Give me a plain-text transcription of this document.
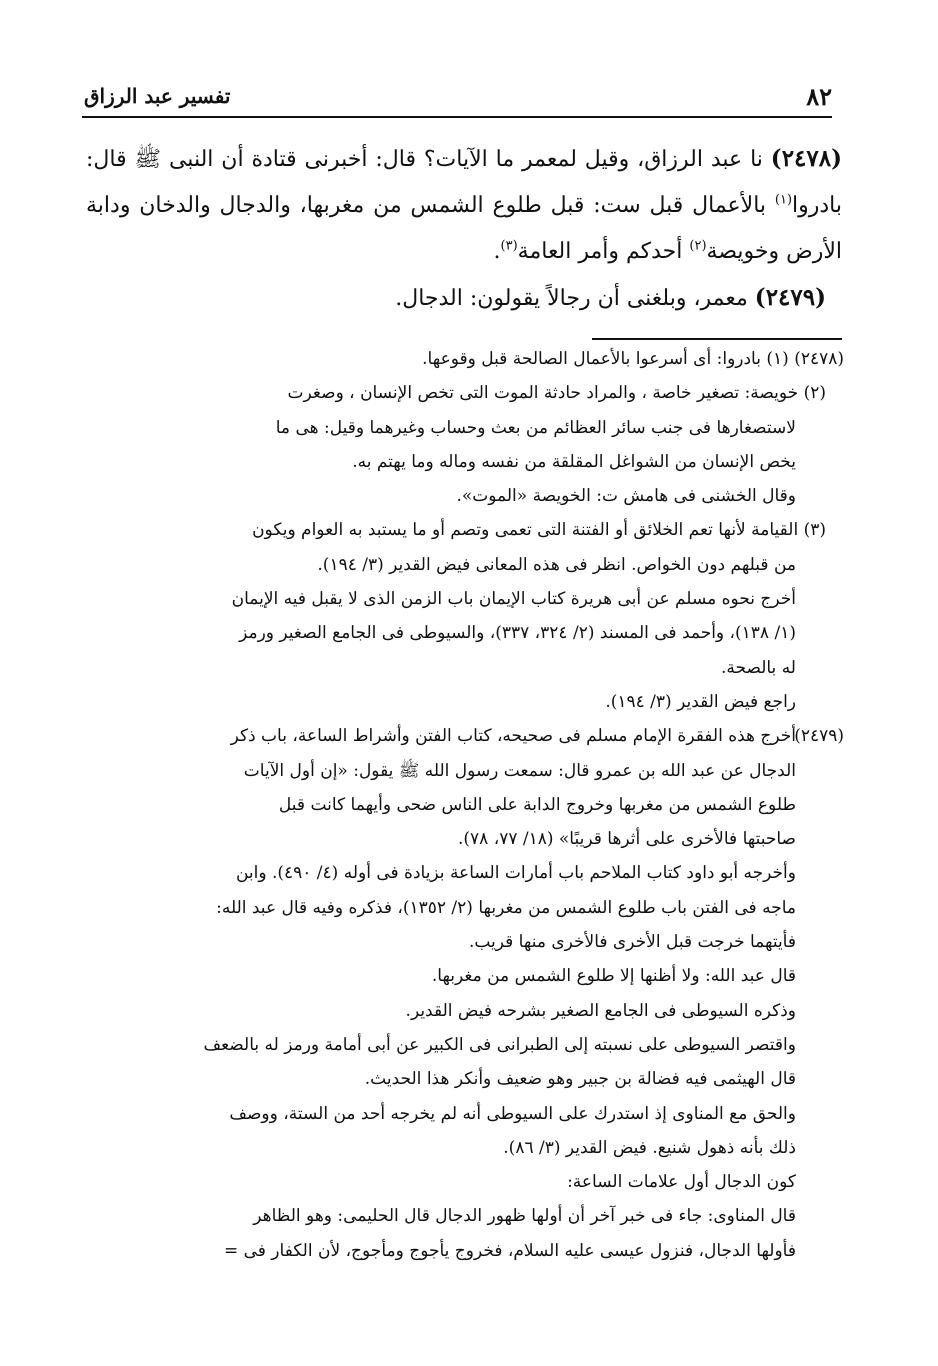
٨٢
تفسير عبد الرزاق

(٢٤٧٨) نا عبد الرزاق، وقيل لمعمر ما الآيات؟ قال: أخبرنى قتادة أن النبى ﷺ قال: بادروا$^{(١)}$ بالأعمال قبل ست: قبل طلوع الشمس من مغربها، والدجال والدخان ودابة الأرض وخويصة$^{(٢)}$ أحدكم وأمر العامة$^{(٣)}$.

(٢٤٧٩) معمر، وبلغنى أن رجالاً يقولون: الدجال.

(٢٤٧٨) (١) بادروا: أى أسرعوا بالأعمال الصالحة قبل وقوعها.
(٢) خويصة: تصغير خاصة ، والمراد حادثة الموت التى تخص الإنسان ، وصغرت
لاستصغارها فى جنب سائر العظائم من بعث وحساب وغيرهما وقيل: هى ما
يخص الإنسان من الشواغل المقلقة من نفسه وماله وما يهتم به.
وقال الخشنى فى هامش ت: الخويصة «الموت».
(٣) القيامة لأنها تعم الخلائق أو الفتنة التى تعمى وتصم أو ما يستبد به العوام ويكون
من قبلهم دون الخواص. انظر فى هذه المعانى فيض القدير (٣/ ١٩٤).
أخرج نحوه مسلم عن أبى هريرة كتاب الإيمان باب الزمن الذى لا يقبل فيه الإيمان
(١/ ١٣٨)، وأحمد فى المسند (٢/ ٣٢٤، ٣٣٧)، والسيوطى فى الجامع الصغير ورمز
له بالصحة.
راجع فيض القدير (٣/ ١٩٤).
(٢٤٧٩)أخرج هذه الفقرة الإمام مسلم فى صحيحه، كتاب الفتن وأشراط الساعة، باب ذكر
الدجال عن عبد الله بن عمرو قال: سمعت رسول الله ﷺ يقول: «إن أول الآيات
طلوع الشمس من مغربها وخروج الدابة على الناس ضحى وأيهما كانت قبل
صاحبتها فالأخرى على أثرها قريبًا» (١٨/ ٧٧، ٧٨).
وأخرجه أبو داود كتاب الملاحم باب أمارات الساعة بزيادة فى أوله (٤/ ٤٩٠). وابن
ماجه فى الفتن باب طلوع الشمس من مغربها (٢/ ١٣٥٢)، فذكره وفيه قال عبد الله:
فأيتهما خرجت قبل الأخرى فالأخرى منها قريب.
قال عبد الله: ولا أظنها إلا طلوع الشمس من مغربها.
وذكره السيوطى فى الجامع الصغير بشرحه فيض القدير.
واقتصر السيوطى على نسبته إلى الطبرانى فى الكبير عن أبى أمامة ورمز له بالضعف
قال الهيثمى فيه فضالة بن جبير وهو ضعيف وأنكر هذا الحديث.
والحق مع المناوى إذ استدرك على السيوطى أنه لم يخرجه أحد من الستة، ووصف
ذلك بأنه ذهول شنيع. فيض القدير (٣/ ٨٦).
كون الدجال أول علامات الساعة:
قال المناوى: جاء فى خبر آخر أن أولها ظهور الدجال قال الحليمى: وهو الظاهر
فأولها الدجال، فنزول عيسى عليه السلام، فخروج يأجوج ومأجوج، لأن الكفار فى =
